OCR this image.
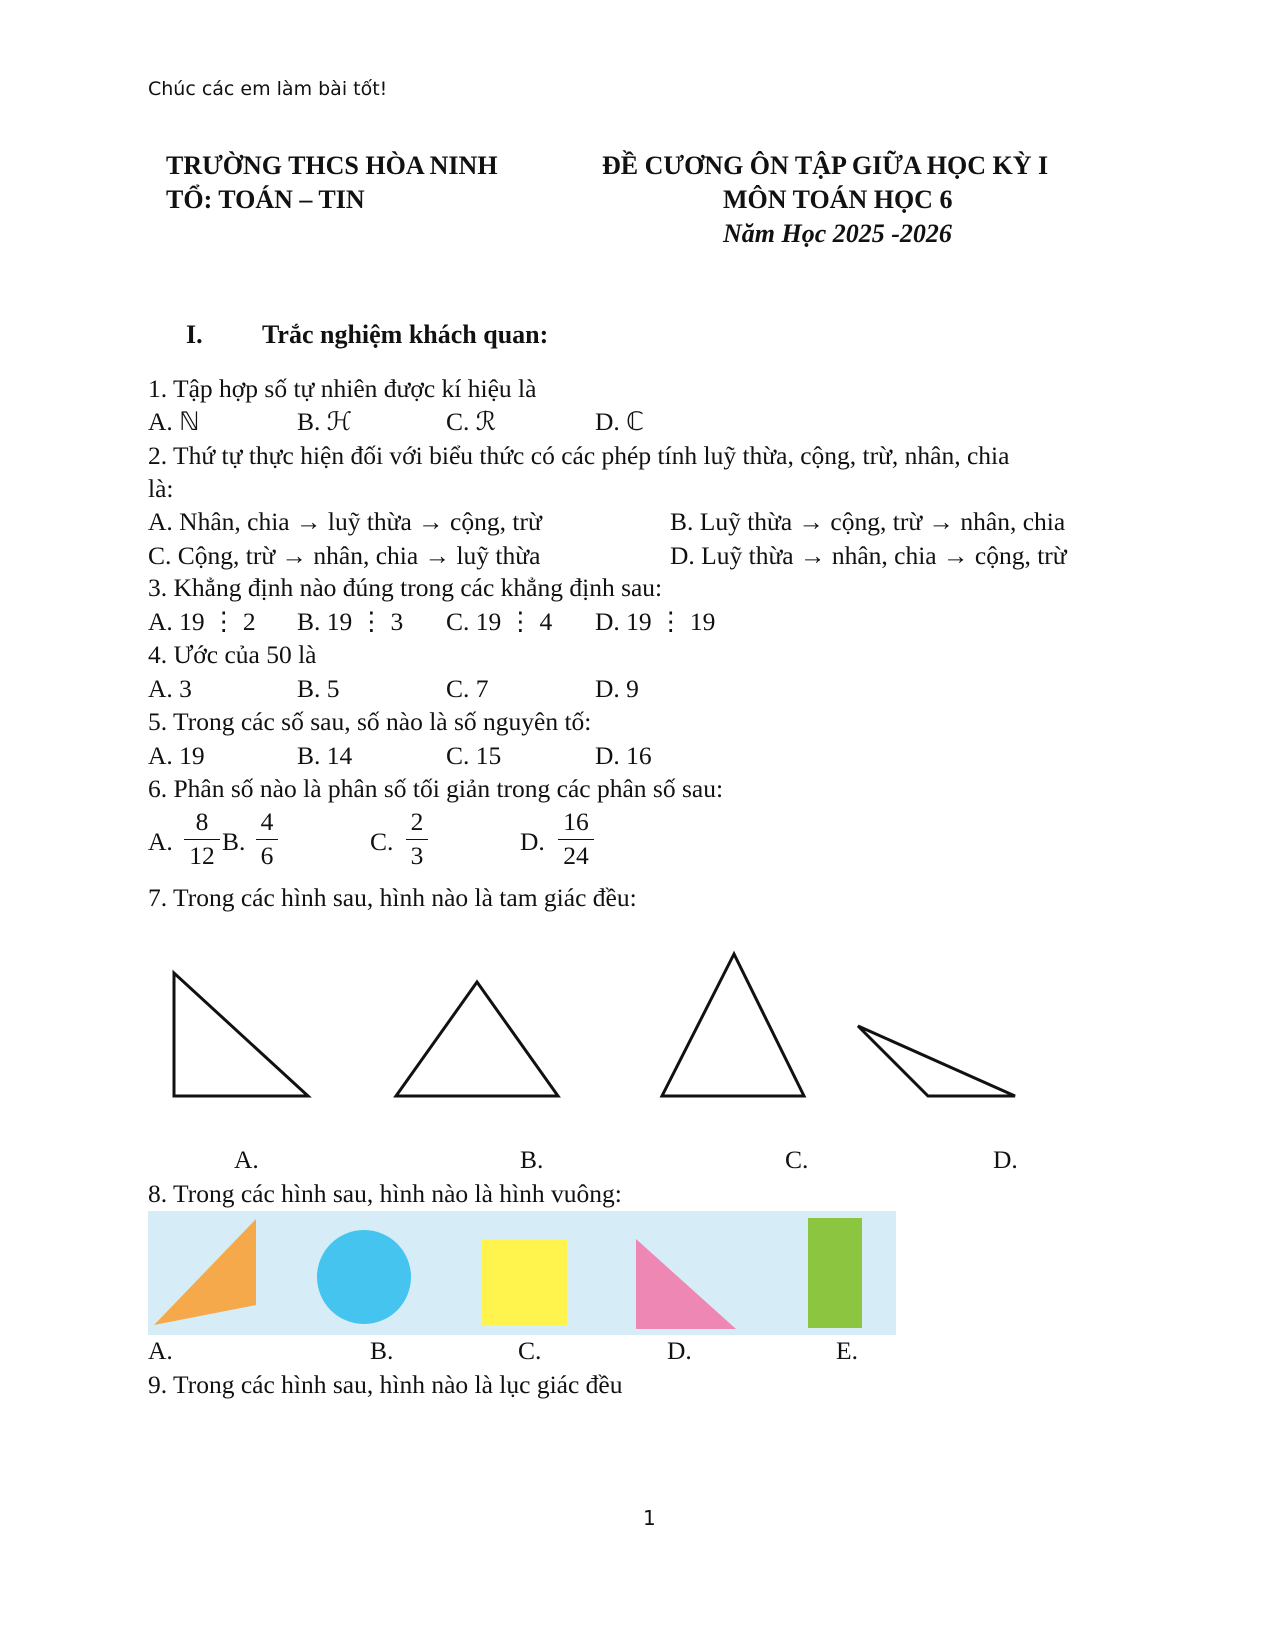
Chúc các em làm bài tốt!
TRƯỜNG THCS HÒA NINH
TỔ: TOÁN – TIN
ĐỀ CƯƠNG ÔN TẬP GIỮA HỌC KỲ I
MÔN TOÁN HỌC 6
Năm Học 2025 -2026
I. Trắc nghiệm khách quan:
1. Tập hợp số tự nhiên được kí hiệu là
A. ℕ	B. ℋ	C. ℛ	D. ℂ
2. Thứ tự thực hiện đối với biểu thức có các phép tính luỹ thừa, cộng, trừ, nhân, chia
là:
A. Nhân, chia → luỹ thừa → cộng, trừ	B. Luỹ thừa → cộng, trừ → nhân, chia
C. Cộng, trừ → nhân, chia → luỹ thừa	D. Luỹ thừa → nhân, chia → cộng, trừ
3. Khẳng định nào đúng trong các khẳng định sau:
A. 19 ⋮ 2 B. 19 ⋮ 3 C. 19 ⋮ 4 D. 19 ⋮ 19
4. Ước của 50 là
A. 3	B. 5	C. 7	D. 9
5. Trong các số sau, số nào là số nguyên tố:
A. 19	B. 14	C. 15	D. 16
6. Phân số nào là phân số tối giản trong các phân số sau:
A.
8
12 B.
4
6	C.
2
3	D.
16
24
7. Trong các hình sau, hình nào là tam giác đều:
A.	B.	C.	D.
8. Trong các hình sau, hình nào là hình vuông:
A.	B.	C.	D.	E.
9. Trong các hình sau, hình nào là lục giác đều
1
